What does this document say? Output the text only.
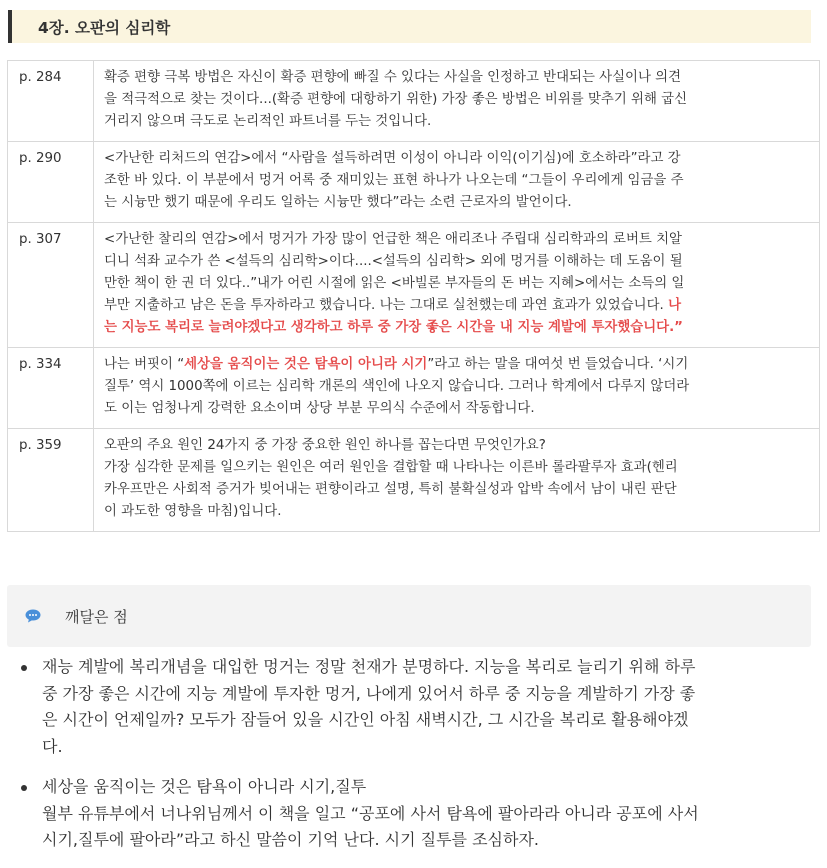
4장. 오판의 심리학
p. 284	확증 편향 극복 방법은 자신이 확증 편향에 빠질 수 있다는 사실을 인정하고 반대되는 사실이나 의견
을 적극적으로 찾는 것이다...(확증 편향에 대항하기 위한) 가장 좋은 방법은 비위를 맞추기 위해 굽신
거리지 않으며 극도로 논리적인 파트너를 두는 것입니다.

p. 290	<가난한 리처드의 연감>에서 “사람을 설득하려면 이성이 아니라 이익(이기심)에 호소하라”라고 강
조한 바 있다. 이 부분에서 멍거 어록 중 재미있는 표현 하나가 나오는데 “그들이 우리에게 임금을 주
는 시늉만 했기 때문에 우리도 일하는 시늉만 했다”라는 소련 근로자의 발언이다.

p. 307	<가난한 찰리의 연감>에서 멍거가 가장 많이 언급한 책은 애리조나 주립대 심리학과의 로버트 치알
디니 석좌 교수가 쓴 <설득의 심리학>이다....<설득의 심리학> 외에 멍거를 이해하는 데 도움이 될
만한 책이 한 권 더 있다..”내가 어린 시절에 읽은 <바빌론 부자들의 돈 버는 지혜>에서는 소득의 일
부만 지출하고 남은 돈을 투자하라고 했습니다. 나는 그대로 실천했는데 과연 효과가 있었습니다. 나
는 지능도 복리로 늘려야겠다고 생각하고 하루 중 가장 좋은 시간을 내 지능 계발에 투자했습니다.”

p. 334	나는 버핏이 “세상을 움직이는 것은 탐욕이 아니라 시기”라고 하는 말을 대여섯 번 들었습니다. ‘시기
질투’ 역시 1000쪽에 이르는 심리학 개론의 색인에 나오지 않습니다. 그러나 학계에서 다루지 않더라
도 이는 엄청나게 강력한 요소이며 상당 부분 무의식 수준에서 작동합니다.

p. 359	오판의 주요 원인 24가지 중 가장 중요한 원인 하나를 꼽는다면 무엇인가요?
가장 심각한 문제를 일으키는 원인은 여러 원인을 결합할 때 나타나는 이른바 롤라팔루자 효과(헨리
카우프만은 사회적 증거가 빚어내는 편향이라고 설명, 특히 불확실성과 압박 속에서 남이 내린 판단
이 과도한 영향을 마침)입니다.
깨달은 점
재능 계발에 복리개념을 대입한 멍거는 정말 천재가 분명하다. 지능을 복리로 늘리기 위해 하루
중 가장 좋은 시간에 지능 계발에 투자한 멍거, 나에게 있어서 하루 중 지능을 계발하기 가장 좋
은 시간이 언제일까? 모두가 잠들어 있을 시간인 아침 새벽시간, 그 시간을 복리로 활용해야겠
다.
세상을 움직이는 것은 탐욕이 아니라 시기,질투
월부 유튜부에서 너나위님께서 이 책을 일고 “공포에 사서 탐욕에 팔아라라 아니라 공포에 사서
시기,질투에 팔아라”라고 하신 말씀이 기억 난다. 시기 질투를 조심하자.
